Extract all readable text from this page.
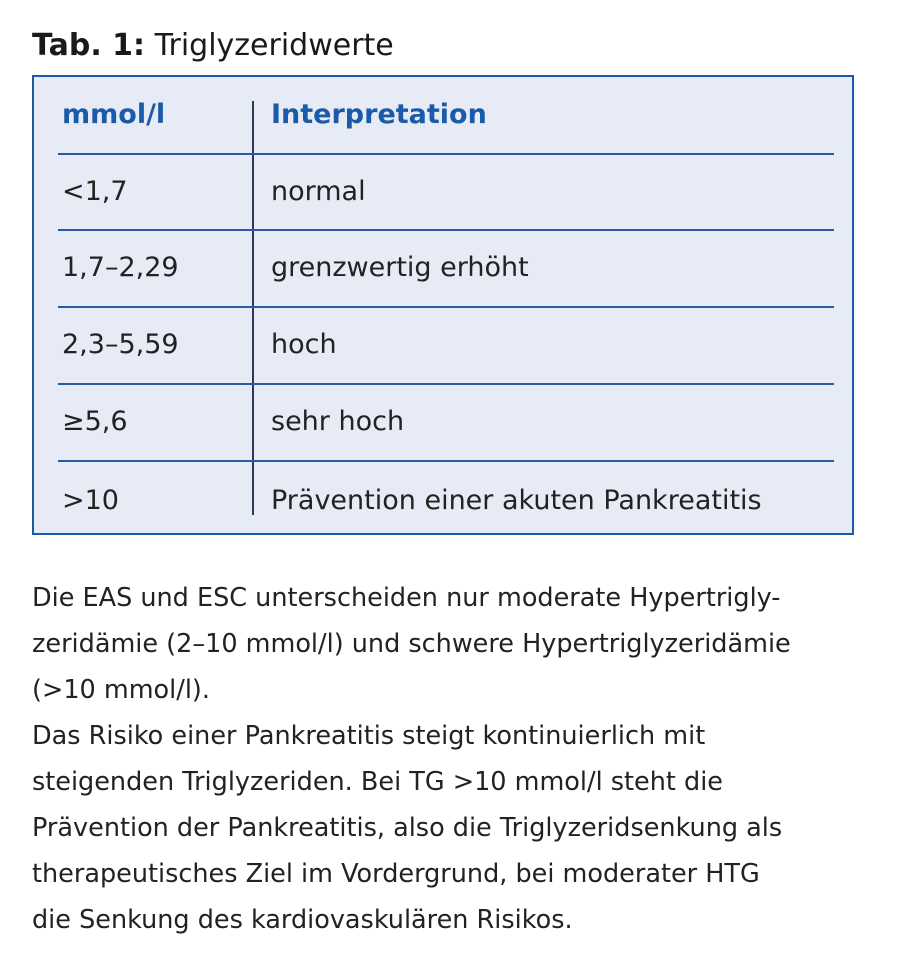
Tab. 1: Triglyzeridwerte
mmol/l	Interpretation
<1,7	normal
1,7–2,29	grenzwertig erhöht
2,3–5,59	hoch
≥5,6	sehr hoch
>10	Prävention einer akuten Pankreatitis

Die EAS und ESC unterscheiden nur moderate Hypertrigly-
zeridämie (2–10 mmol/l) und schwere Hypertriglyzeridämie
(>10 mmol/l).

Das Risiko einer Pankreatitis steigt kontinuierlich mit
steigenden Triglyzeriden. Bei TG >10 mmol/l steht die
Prävention der Pankreatitis, also die Triglyzeridsenkung als
therapeutisches Ziel im Vordergrund, bei moderater HTG
die Senkung des kardiovaskulären Risikos.
